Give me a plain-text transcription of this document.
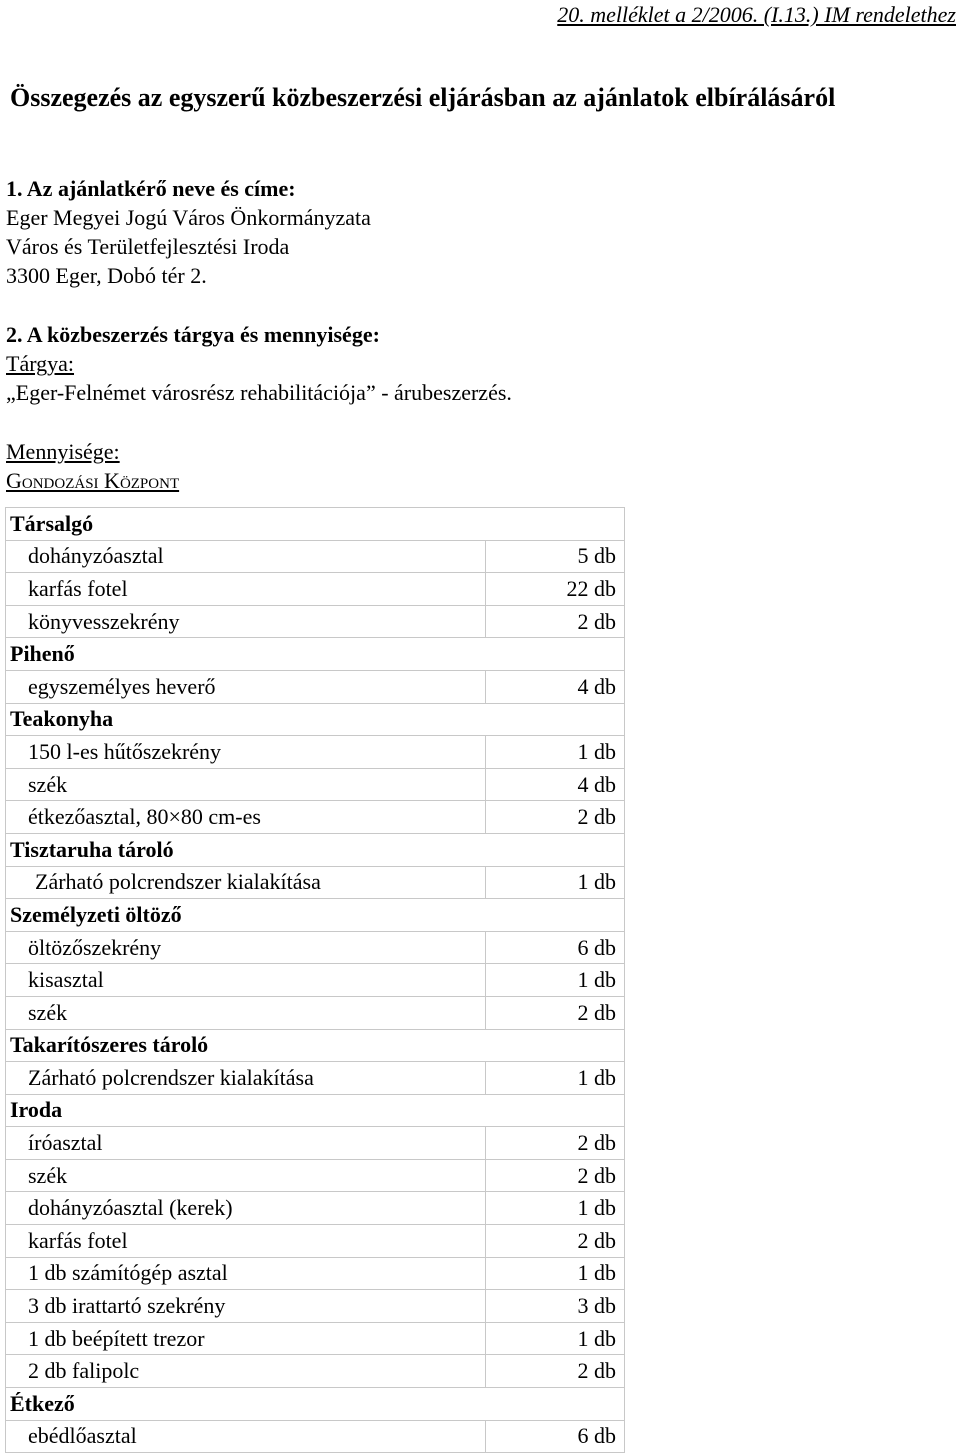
20. melléklet a 2/2006. (I.13.) IM rendelethez
Összegezés az egyszerű közbeszerzési eljárásban az ajánlatok elbírálásáról
1. Az ajánlatkérő neve és címe:
Eger Megyei Jogú Város Önkormányzata
Város és Területfejlesztési Iroda
3300 Eger, Dobó tér 2.
2. A közbeszerzés tárgya és mennyisége:
Tárgya:
„Eger-Felnémet városrész rehabilitációja” - árubeszerzés.
Mennyisége:
Gondozási Központ
Társalgó	
dohányzóasztal	5 db
karfás fotel	22 db
könyvesszekrény	2 db
Pihenő	
egyszemélyes heverő	4 db
Teakonyha	
150 l-es hűtőszekrény	1 db
szék	4 db
étkezőasztal, 80×80 cm-es	2 db
Tisztaruha tároló	
Zárható polcrendszer kialakítása	1 db
Személyzeti öltöző	
öltözőszekrény	6 db
kisasztal	1 db
szék	2 db
Takarítószeres tároló	
Zárható polcrendszer kialakítása	1 db
Iroda	
íróasztal	2 db
szék	2 db
dohányzóasztal (kerek)	1 db
karfás fotel	2 db
1 db számítógép asztal	1 db
3 db irattartó szekrény	3 db
1 db beépített trezor	1 db
2 db falipolc	2 db
Étkező	
ebédlőasztal	6 db
